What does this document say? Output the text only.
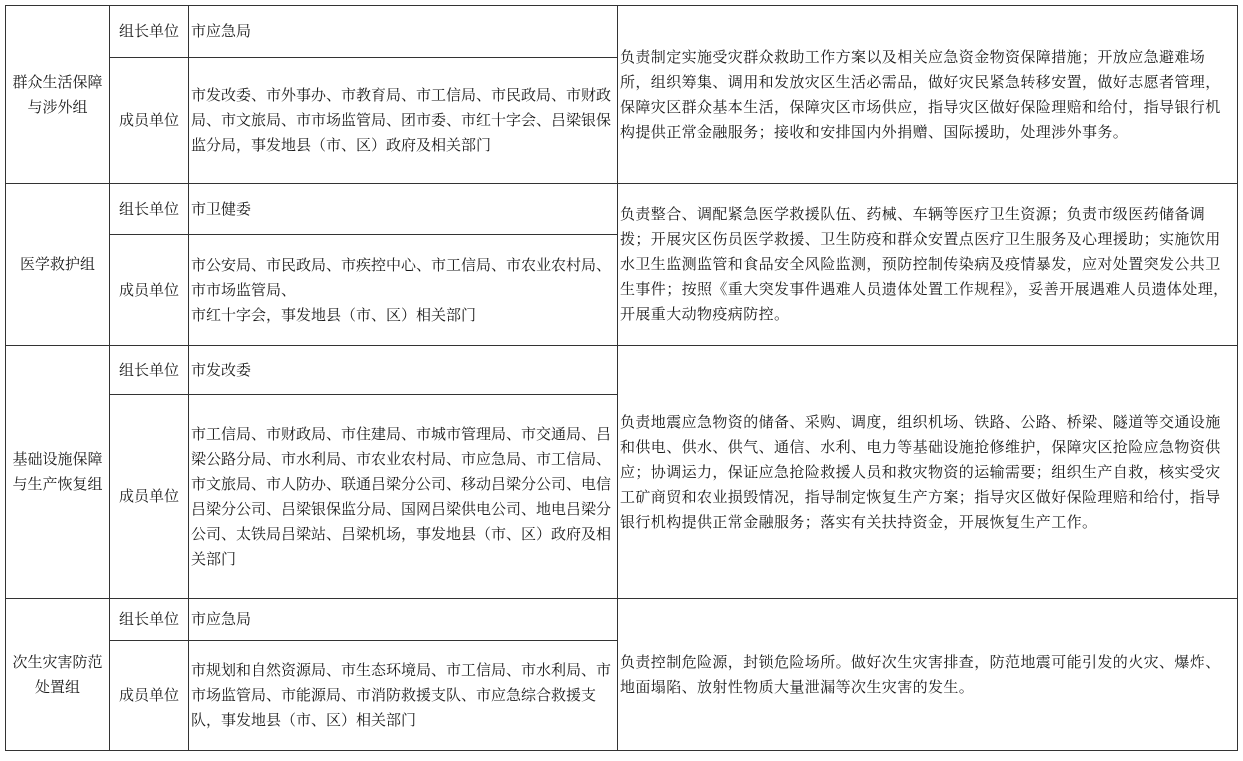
群众生活保障与涉外组	组长单位	市应急局	负责制定实施受灾群众救助工作方案以及相关应急资金物资保障措施；开放应急避难场所，组织筹集、调用和发放灾区生活必需品，做好灾民紧急转移安置，做好志愿者管理，保障灾区群众基本生活，保障灾区市场供应，指导灾区做好保险理赔和给付，指导银行机构提供正常金融服务；接收和安排国内外捐赠、国际援助，处理涉外事务。
	成员单位	市发改委、市外事办、市教育局、市工信局、市民政局、市财政局、市文旅局、市市场监管局、团市委、市红十字会、吕梁银保监分局，事发地县（市、区）政府及相关部门	
医学救护组	组长单位	市卫健委	负责整合、调配紧急医学救援队伍、药械、车辆等医疗卫生资源；负责市级医药储备调拨；开展灾区伤员医学救援、卫生防疫和群众安置点医疗卫生服务及心理援助；实施饮用水卫生监测监管和食品安全风险监测，预防控制传染病及疫情暴发，应对处置突发公共卫生事件；按照《重大突发事件遇难人员遗体处置工作规程》，妥善开展遇难人员遗体处理，开展重大动物疫病防控。
	成员单位	市公安局、市民政局、市疾控中心、市工信局、市农业农村局、市市场监管局、
市红十字会，事发地县（市、区）相关部门	
基础设施保障与生产恢复组	组长单位	市发改委	负责地震应急物资的储备、采购、调度，组织机场、铁路、公路、桥梁、隧道等交通设施和供电、供水、供气、通信、水利、电力等基础设施抢修维护，保障灾区抢险应急物资供应；协调运力，保证应急抢险救援人员和救灾物资的运输需要；组织生产自救，核实受灾工矿商贸和农业损毁情况，指导制定恢复生产方案；指导灾区做好保险理赔和给付，指导银行机构提供正常金融服务；落实有关扶持资金，开展恢复生产工作。
	成员单位	市工信局、市财政局、市住建局、市城市管理局、市交通局、吕梁公路分局、市水利局、市农业农村局、市应急局、市工信局、市文旅局、市人防办、联通吕梁分公司、移动吕梁分公司、电信吕梁分公司、吕梁银保监分局、国网吕梁供电公司、地电吕梁分公司、太铁局吕梁站、吕梁机场，事发地县（市、区）政府及相关部门	
次生灾害防范处置组	组长单位	市应急局	负责控制危险源，封锁危险场所。做好次生灾害排查，防范地震可能引发的火灾、爆炸、地面塌陷、放射性物质大量泄漏等次生灾害的发生。
	成员单位	市规划和自然资源局、市生态环境局、市工信局、市水利局、市市场监管局、市能源局、市消防救援支队、市应急综合救援支队，事发地县（市、区）相关部门	
